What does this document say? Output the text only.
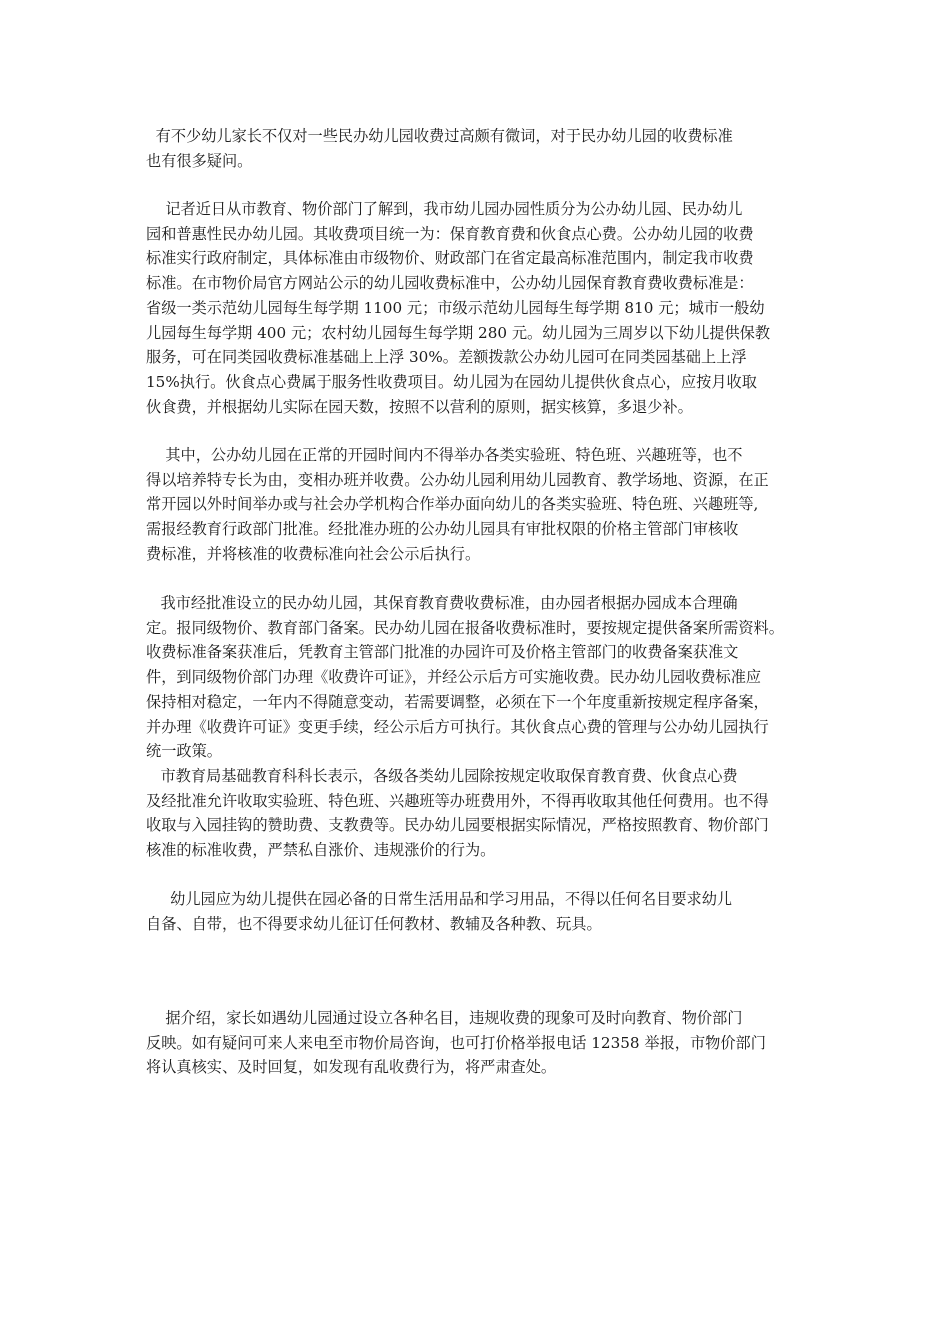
有不少幼儿家长不仅对一些民办幼儿园收费过高颇有微词，对于民办幼儿园的收费标准
也有很多疑问。

记者近日从市教育、物价部门了解到，我市幼儿园办园性质分为公办幼儿园、民办幼儿
园和普惠性民办幼儿园。其收费项目统一为：保育教育费和伙食点心费。公办幼儿园的收费
标准实行政府制定，具体标准由市级物价、财政部门在省定最高标准范围内，制定我市收费
标准。在市物价局官方网站公示的幼儿园收费标准中，公办幼儿园保育教育费收费标准是：
省级一类示范幼儿园每生每学期 1100 元；市级示范幼儿园每生每学期 810 元；城市一般幼
儿园每生每学期 400 元；农村幼儿园每生每学期 280 元。幼儿园为三周岁以下幼儿提供保教
服务，可在同类园收费标准基础上上浮 30%。差额拨款公办幼儿园可在同类园基础上上浮
15%执行。伙食点心费属于服务性收费项目。幼儿园为在园幼儿提供伙食点心，应按月收取
伙食费，并根据幼儿实际在园天数，按照不以营利的原则，据实核算，多退少补。

其中，公办幼儿园在正常的开园时间内不得举办各类实验班、特色班、兴趣班等，也不
得以培养特专长为由，变相办班并收费。公办幼儿园利用幼儿园教育、教学场地、资源，在正
常开园以外时间举办或与社会办学机构合作举办面向幼儿的各类实验班、特色班、兴趣班等,
需报经教育行政部门批准。经批准办班的公办幼儿园具有审批权限的价格主管部门审核收
费标准，并将核准的收费标准向社会公示后执行。

我市经批准设立的民办幼儿园，其保育教育费收费标准，由办园者根据办园成本合理确
定。报同级物价、教育部门备案。民办幼儿园在报备收费标准时，要按规定提供备案所需资料。
收费标准备案获准后，凭教育主管部门批准的办园许可及价格主管部门的收费备案获准文
件，到同级物价部门办理《收费许可证》，并经公示后方可实施收费。民办幼儿园收费标准应
保持相对稳定，一年内不得随意变动，若需要调整，必须在下一个年度重新按规定程序备案，
并办理《收费许可证》变更手续，经公示后方可执行。其伙食点心费的管理与公办幼儿园执行
统一政策。

市教育局基础教育科科长表示，各级各类幼儿园除按规定收取保育教育费、伙食点心费
及经批准允许收取实验班、特色班、兴趣班等办班费用外，不得再收取其他任何费用。也不得
收取与入园挂钩的赞助费、支教费等。民办幼儿园要根据实际情况，严格按照教育、物价部门
核准的标准收费，严禁私自涨价、违规涨价的行为。

幼儿园应为幼儿提供在园必备的日常生活用品和学习用品，不得以任何名目要求幼儿
自备、自带，也不得要求幼儿征订任何教材、教辅及各种教、玩具。

据介绍，家长如遇幼儿园通过设立各种名目，违规收费的现象可及时向教育、物价部门
反映。如有疑问可来人来电至市物价局咨询，也可打价格举报电话 12358 举报，市物价部门
将认真核实、及时回复，如发现有乱收费行为，将严肃查处。
